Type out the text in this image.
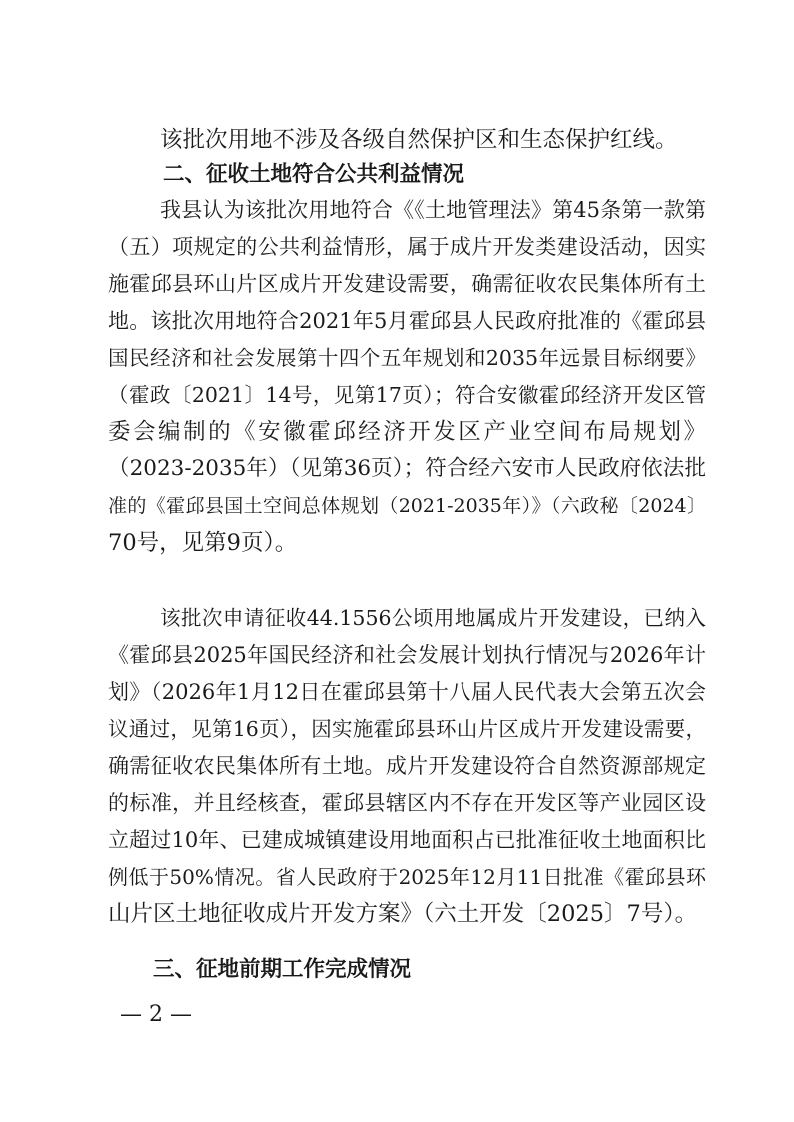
该批次用地不涉及各级自然保护区和生态保护红线。
二、征收土地符合公共利益情况
我县认为该批次用地符合《《土地管理法》第45条第一款第
（五）项规定的公共利益情形，属于成片开发类建设活动，因实
施霍邱县环山片区成片开发建设需要，确需征收农民集体所有土
地。该批次用地符合2021年5月霍邱县人民政府批准的《霍邱县
国民经济和社会发展第十四个五年规划和2035年远景目标纲要》
（霍政〔2021〕14号，见第17页）；符合安徽霍邱经济开发区管
委会编制的《安徽霍邱经济开发区产业空间布局规划》
（2023-2035年）（见第36页）；符合经六安市人民政府依法批
准的《霍邱县国土空间总体规划（2021-2035年）》（六政秘〔2024〕
70号，见第9页）。
该批次申请征收44.1556公顷用地属成片开发建设，已纳入
《霍邱县2025年国民经济和社会发展计划执行情况与2026年计
划》（2026年1月12日在霍邱县第十八届人民代表大会第五次会
议通过，见第16页），因实施霍邱县环山片区成片开发建设需要，
确需征收农民集体所有土地。成片开发建设符合自然资源部规定
的标准，并且经核查，霍邱县辖区内不存在开发区等产业园区设
立超过10年、已建成城镇建设用地面积占已批准征收土地面积比
例低于50%情况。省人民政府于2025年12月11日批准《霍邱县环
山片区土地征收成片开发方案》（六土开发〔2025〕7号）。
三、征地前期工作完成情况
— 2 —
